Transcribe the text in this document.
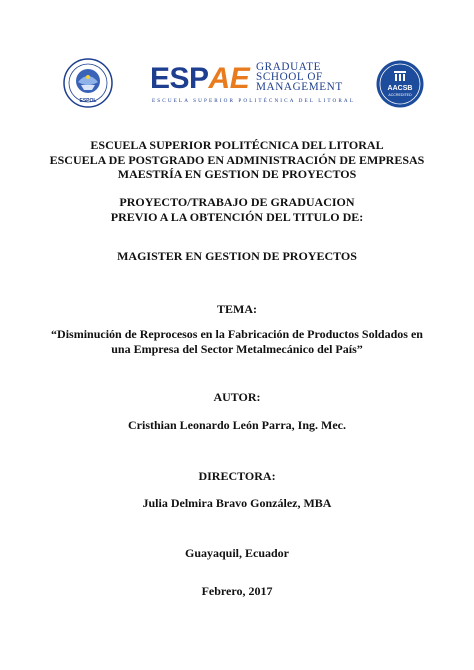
ESPOL
ESPAE GRADUATE
SCHOOL OF
MANAGEMENT
ESCUELA SUPERIOR POLITÉCNICA DEL LITORAL
AACSB
ACCREDITED
ESCUELA SUPERIOR POLITÉCNICA DEL LITORAL
ESCUELA DE POSTGRADO EN ADMINISTRACIÓN DE EMPRESAS
MAESTRÍA EN GESTION DE PROYECTOS
PROYECTO/TRABAJO DE GRADUACION
PREVIO A LA OBTENCIÓN DEL TITULO DE:
MAGISTER EN GESTION DE PROYECTOS
TEMA:
“Disminución de Reprocesos en la Fabricación de Productos Soldados en
una Empresa del Sector Metalmecánico del País”
AUTOR:
Cristhian Leonardo León Parra, Ing. Mec.
DIRECTORA:
Julia Delmira Bravo González, MBA
Guayaquil, Ecuador
Febrero, 2017
